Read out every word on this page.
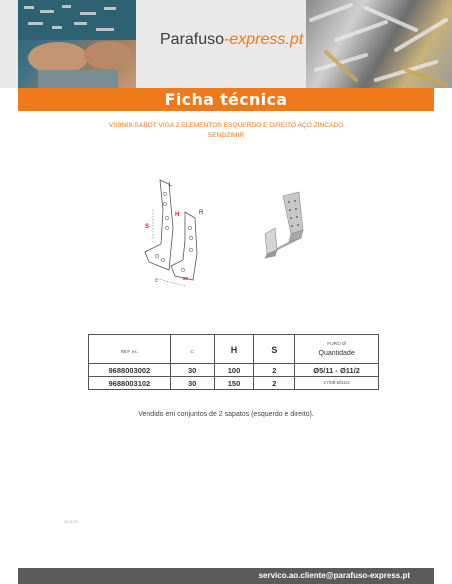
Parafuso-express.pt
Ficha técnica
VS9688-SABOT VIGA 2 ELEMENTOS ESQUERDO E DIREITO AÇO ZINCADO
SENDZIMIR
L
R
H
S
C	80
REF ex.	C	H	S	FURO Ø
Quantidade

9688003002	30	100	2	Ø5/11 - Ø11/2
9688003102	30	150	2	17/05-Ø11/2
Vendido em conjuntos de 2 sapatos (esquerdo e direito).
26.05.20
servico.ao.cliente@parafuso-express.pt
